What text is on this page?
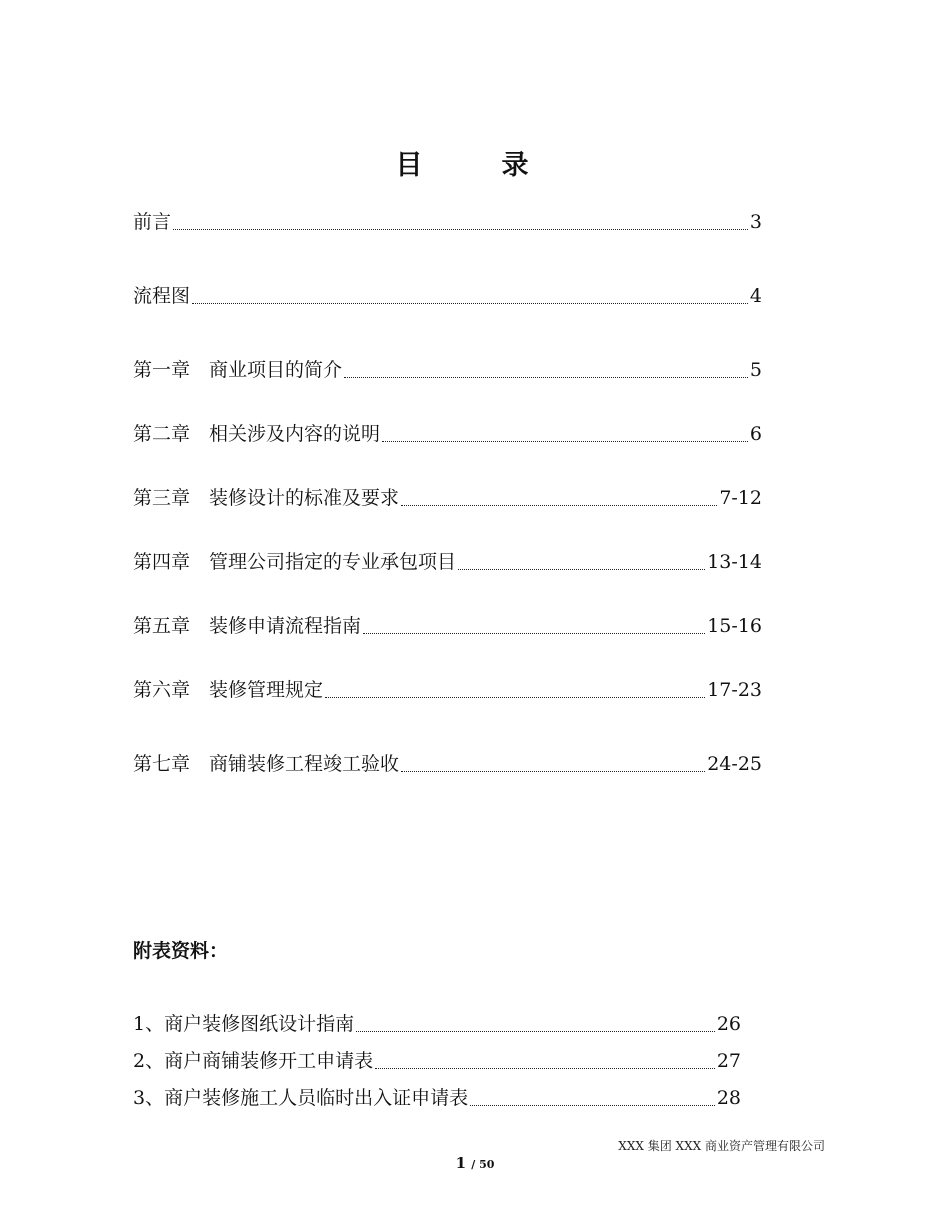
目　录
前言	3
流程图	4
第一章　商业项目的简介	5
第二章　相关涉及内容的说明	6
第三章　装修设计的标准及要求	7-12
第四章　管理公司指定的专业承包项目	13-14
第五章　装修申请流程指南	15-16
第六章　装修管理规定	17-23
第七章　商铺装修工程竣工验收	24-25
附表资料：
1、商户装修图纸设计指南	26
2、商户商铺装修开工申请表	27
3、商户装修施工人员临时出入证申请表	28
XXX 集团 XXX 商业资产管理有限公司
1 / 50
